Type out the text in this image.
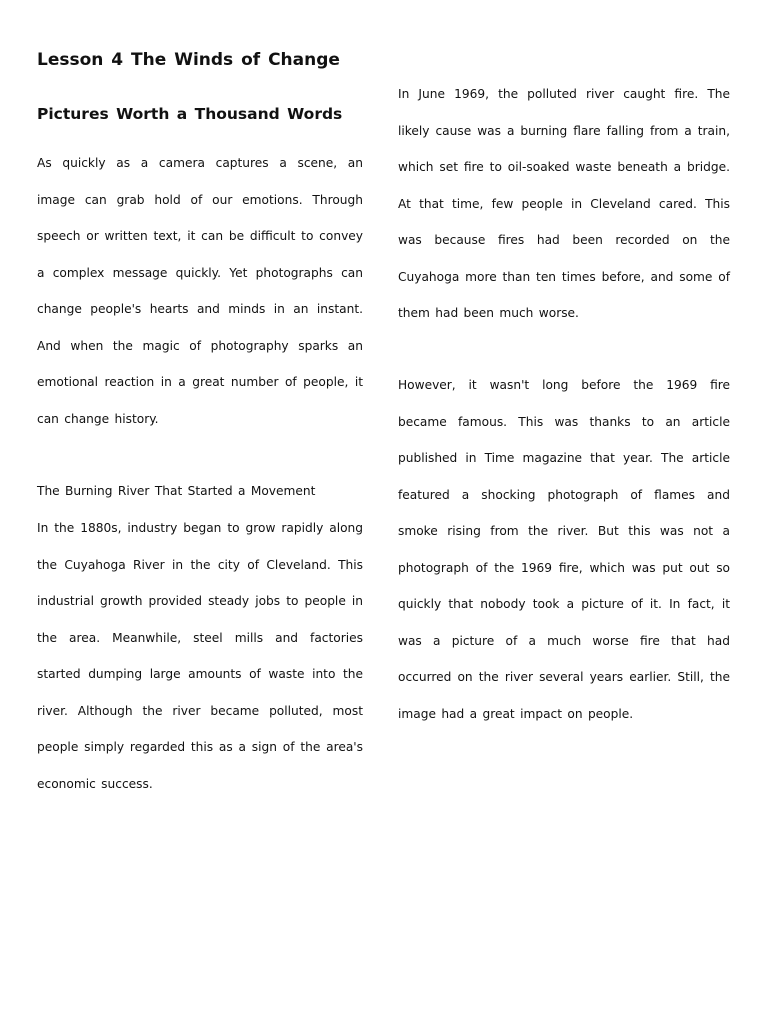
Lesson 4 The Winds of Change
Pictures Worth a Thousand Words

As quickly as a camera captures a scene, an image can grab hold of our emotions. Through speech or written text, it can be difficult to convey a complex message quickly. Yet photographs can change people's hearts and minds in an instant. And when the magic of photography sparks an emotional reaction in a great number of people, it can change history.

The Burning River That Started a Movement

In the 1880s, industry began to grow rapidly along the Cuyahoga River in the city of Cleveland. This industrial growth provided steady jobs to people in the area. Meanwhile, steel mills and factories started dumping large amounts of waste into the river. Although the river became polluted, most people simply regarded this as a sign of the area's economic success.

In June 1969, the polluted river caught fire. The likely cause was a burning flare falling from a train, which set fire to oil-soaked waste beneath a bridge. At that time, few people in Cleveland cared. This was because fires had been recorded on the Cuyahoga more than ten times before, and some of them had been much worse.

However, it wasn't long before the 1969 fire became famous. This was thanks to an article published in Time magazine that year. The article featured a shocking photograph of flames and smoke rising from the river. But this was not a photograph of the 1969 fire, which was put out so quickly that nobody took a picture of it. In fact, it was a picture of a much worse fire that had occurred on the river several years earlier. Still, the image had a great impact on people.
